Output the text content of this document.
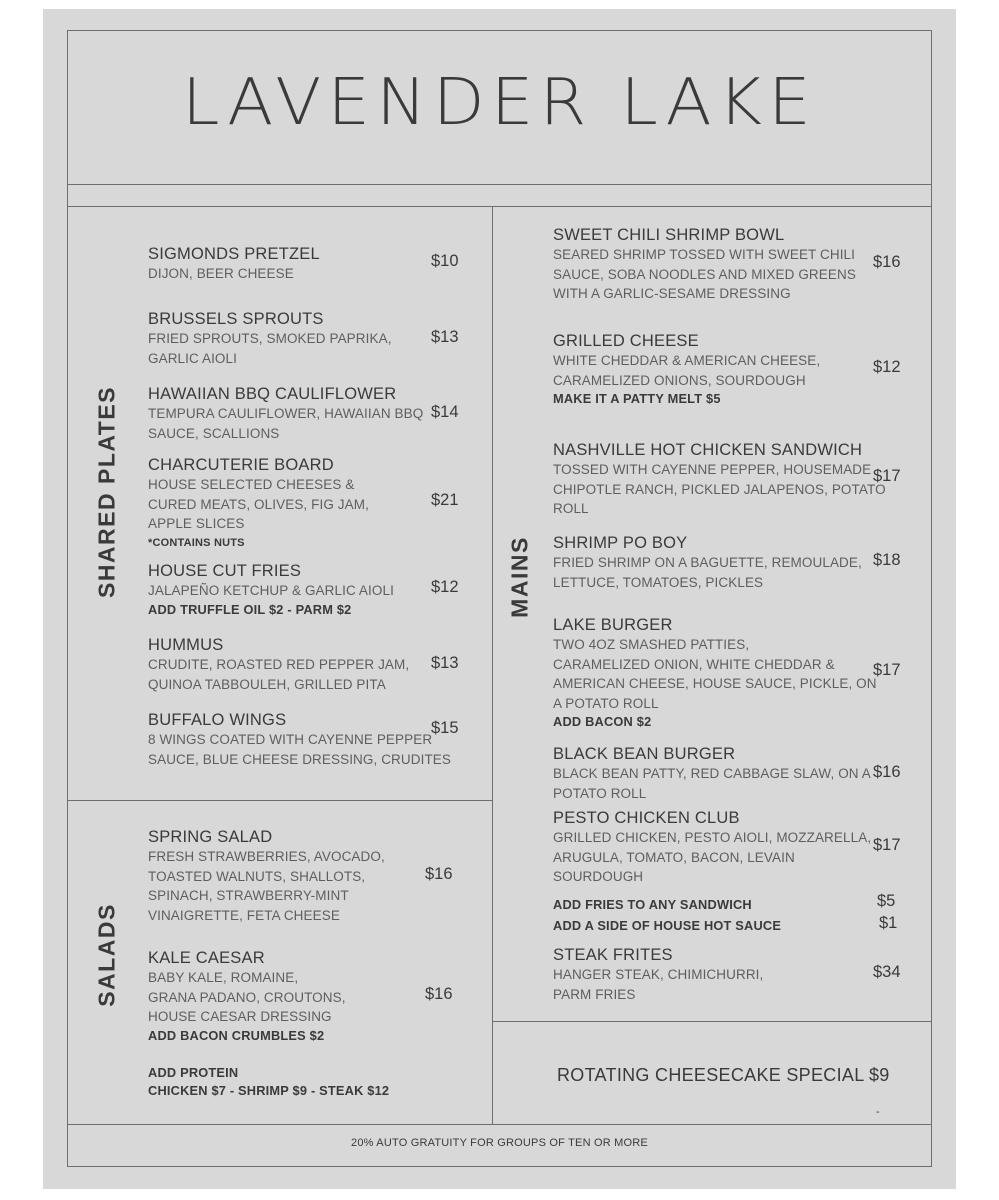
LAVENDER LAKE
SHARED PLATES
SALADS
MAINS
SIGMONDS PRETZEL
DIJON, BEER CHEESE
$10
BRUSSELS SPROUTS
FRIED SPROUTS, SMOKED PAPRIKA,
GARLIC AIOLI
$13
HAWAIIAN BBQ CAULIFLOWER
TEMPURA CAULIFLOWER, HAWAIIAN BBQ
SAUCE, SCALLIONS
$14
CHARCUTERIE BOARD
HOUSE SELECTED CHEESES &
CURED MEATS, OLIVES, FIG JAM,
APPLE SLICES
*CONTAINS NUTS
$21
HOUSE CUT FRIES
JALAPEÑO KETCHUP & GARLIC AIOLI
ADD TRUFFLE OIL $2 - PARM $2
$12
HUMMUS
CRUDITE, ROASTED RED PEPPER JAM,
QUINOA TABBOULEH, GRILLED PITA
$13
BUFFALO WINGS
8 WINGS COATED WITH CAYENNE PEPPER
SAUCE, BLUE CHEESE DRESSING, CRUDITES
$15
SPRING SALAD
FRESH STRAWBERRIES, AVOCADO,
TOASTED WALNUTS, SHALLOTS,
SPINACH, STRAWBERRY-MINT
VINAIGRETTE, FETA CHEESE
$16
KALE CAESAR
BABY KALE, ROMAINE,
GRANA PADANO, CROUTONS,
HOUSE CAESAR DRESSING
ADD BACON CRUMBLES $2
$16
ADD PROTEIN
CHICKEN $7 - SHRIMP $9 - STEAK $12
SWEET CHILI SHRIMP BOWL
SEARED SHRIMP TOSSED WITH SWEET CHILI
SAUCE, SOBA NOODLES AND MIXED GREENS
WITH A GARLIC-SESAME DRESSING
$16
GRILLED CHEESE
WHITE CHEDDAR & AMERICAN CHEESE,
CARAMELIZED ONIONS, SOURDOUGH
MAKE IT A PATTY MELT $5
$12
NASHVILLE HOT CHICKEN SANDWICH
TOSSED WITH CAYENNE PEPPER, HOUSEMADE
CHIPOTLE RANCH, PICKLED JALAPENOS, POTATO
ROLL
$17
SHRIMP PO BOY
FRIED SHRIMP ON A BAGUETTE, REMOULADE,
LETTUCE, TOMATOES, PICKLES
$18
LAKE BURGER
TWO 4OZ SMASHED PATTIES,
CARAMELIZED ONION, WHITE CHEDDAR &
AMERICAN CHEESE, HOUSE SAUCE, PICKLE, ON
A POTATO ROLL
ADD BACON $2
$17
BLACK BEAN BURGER
BLACK BEAN PATTY, RED CABBAGE SLAW, ON A
POTATO ROLL
$16
PESTO CHICKEN CLUB
GRILLED CHICKEN, PESTO AIOLI, MOZZARELLA,
ARUGULA, TOMATO, BACON, LEVAIN
SOURDOUGH
$17
ADD FRIES TO ANY SANDWICH
ADD A SIDE OF HOUSE HOT SAUCE
$5
$1
STEAK FRITES
HANGER STEAK, CHIMICHURRI,
PARM FRIES
$34
ROTATING CHEESECAKE SPECIAL $9
-
20% AUTO GRATUITY FOR GROUPS OF TEN OR MORE
